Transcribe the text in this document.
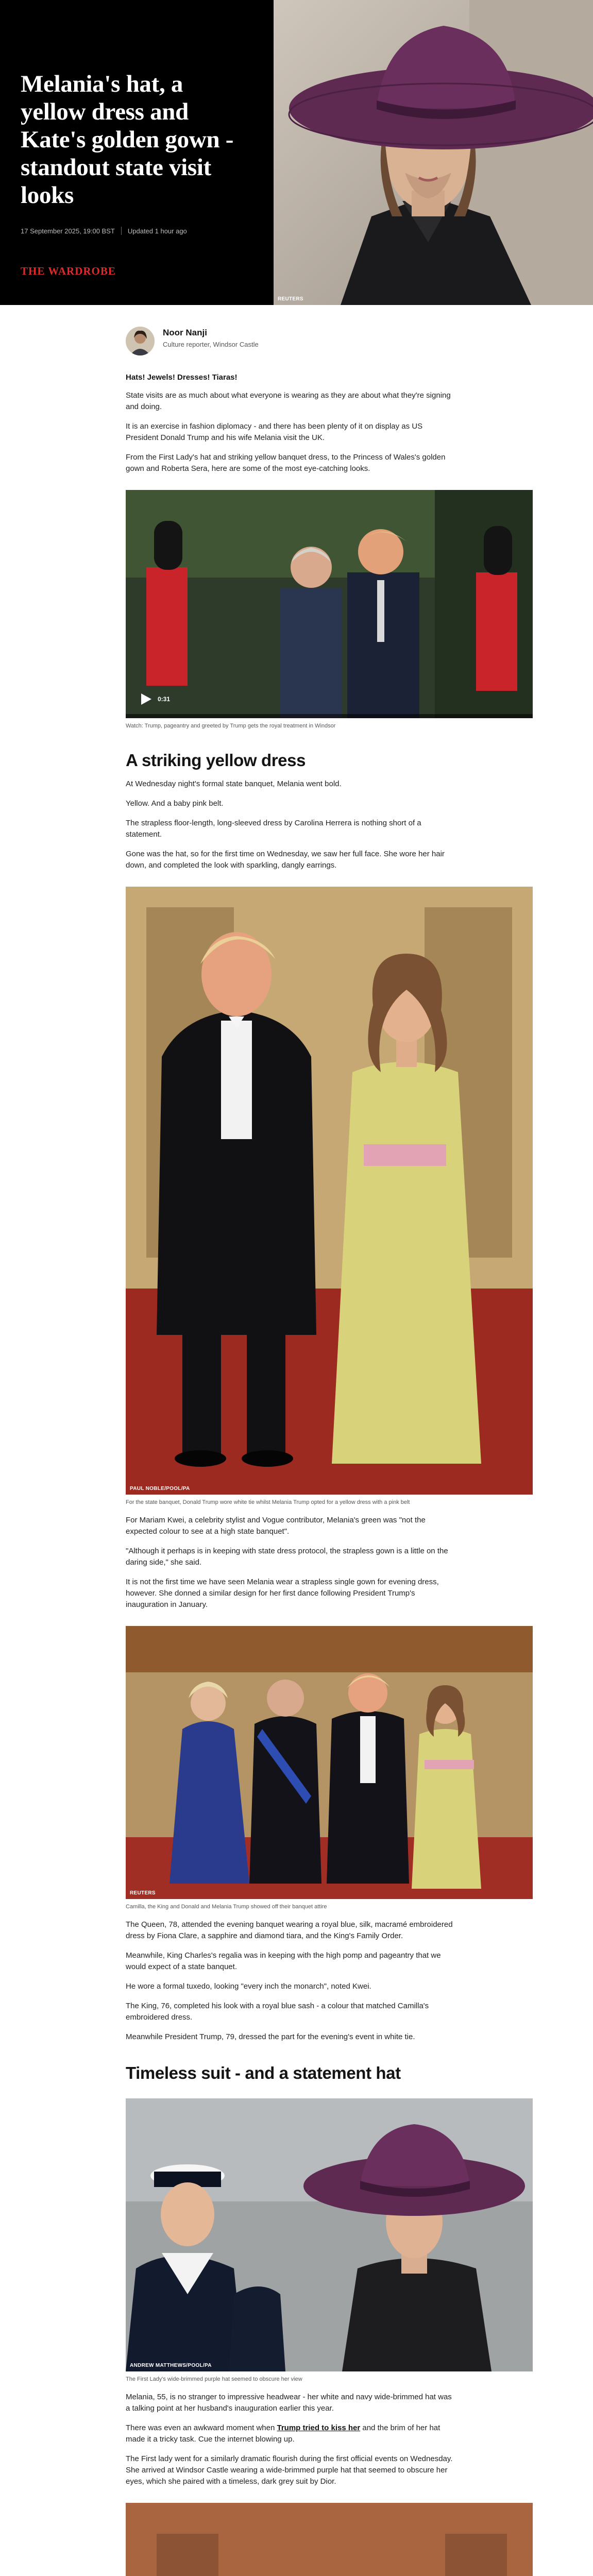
Melania's hat, a yellow dress and Kate's golden gown - standout state visit looks
17 September 2025, 19:00 BST Updated 1 hour ago
THE WARDROBE
REUTERS
Noor Nanji
Culture reporter, Windsor Castle

Hats! Jewels! Dresses! Tiaras!

State visits are as much about what everyone is wearing as they are about what they're signing and doing.

It is an exercise in fashion diplomacy - and there has been plenty of it on display as US President Donald Trump and his wife Melania visit the UK.

From the First Lady's hat and striking yellow banquet dress, to the Princess of Wales's golden gown and Roberta Sera, here are some of the most eye-catching looks.

0:31
Watch: Trump, pageantry and greeted by Trump gets the royal treatment in Windsor
A striking yellow dress

At Wednesday night's formal state banquet, Melania went bold.

Yellow. And a baby pink belt.

The strapless floor-length, long-sleeved dress by Carolina Herrera is nothing short of a statement.

Gone was the hat, so for the first time on Wednesday, we saw her full face. She wore her hair down, and completed the look with sparkling, dangly earrings.

PAUL NOBLE/POOL/PA
For the state banquet, Donald Trump wore white tie whilst Melania Trump opted for a yellow dress with a pink belt

For Mariam Kwei, a celebrity stylist and Vogue contributor, Melania's green was "not the expected colour to see at a high state banquet".

"Although it perhaps is in keeping with state dress protocol, the strapless gown is a little on the daring side," she said.

It is not the first time we have seen Melania wear a strapless single gown for evening dress, however. She donned a similar design for her first dance following President Trump's inauguration in January.

REUTERS
Camilla, the King and Donald and Melania Trump showed off their banquet attire

The Queen, 78, attended the evening banquet wearing a royal blue, silk, macramé embroidered dress by Fiona Clare, a sapphire and diamond tiara, and the King's Family Order.

Meanwhile, King Charles's regalia was in keeping with the high pomp and pageantry that we would expect of a state banquet.

He wore a formal tuxedo, looking "every inch the monarch", noted Kwei.

The King, 76, completed his look with a royal blue sash - a colour that matched Camilla's embroidered dress.

Meanwhile President Trump, 79, dressed the part for the evening's event in white tie.

Timeless suit - and a statement hat
ANDREW MATTHEWS/POOL/PA
The First Lady's wide-brimmed purple hat seemed to obscure her view

Melania, 55, is no stranger to impressive headwear - her white and navy wide-brimmed hat was a talking point at her husband's inauguration earlier this year.

There was even an awkward moment when Trump tried to kiss her and the brim of her hat made it a tricky task. Cue the internet blowing up.

The First lady went for a similarly dramatic flourish during the first official events on Wednesday. She arrived at Windsor Castle wearing a wide-brimmed purple hat that seemed to obscure her eyes, which she paired with a timeless, dark grey suit by Dior.
